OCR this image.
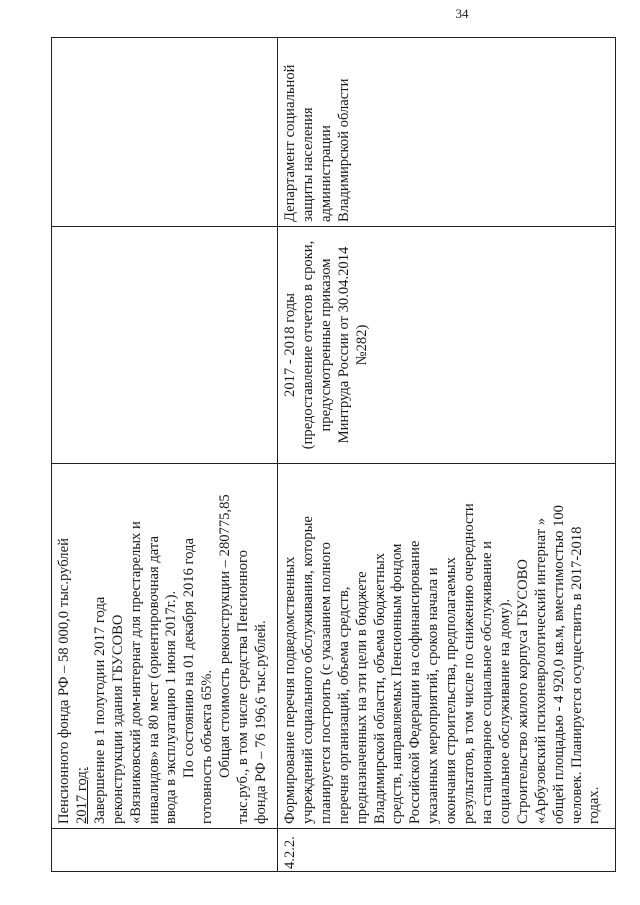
34

Пенсионного фонда РФ – 58 000,0 тыс.рублей 2017 год: Завершение в 1 полугодии 2017 года реконструкции здания ГБУСОВО «Вязниковский дом-интернат для престарелых и инвалидов» на 80 мест (ориентировочная дата ввода в эксплуатацию 1 июня 2017г.). По состоянию на 01 декабря 2016 года готовность объекта 65%. Общая стоимость реконструкции – 280775,85 тыс.руб., в том числе средства Пенсионного фонда РФ – 76 196,6 тыс.рублей.

4.2.2.

Формирование перечня подведомственных учреждений социального обслуживания, которые планируется построить (с указанием полного перечня организаций, объема средств, предназначенных на эти цели в бюджете Владимирской области, объема бюджетных средств, направляемых Пенсионным фондом Российской Федерации на софинансирование указанных мероприятий, сроков начала и окончания строительства, предполагаемых результатов, в том числе по снижению очередности на стационарное социальное обслуживание и социальное обслуживание на дому). Строительство жилого корпуса ГБУСОВО «Арбузовский психоневрологический интернат » общей площадью - 4 920,0 кв.м, вместимостью 100 человек. Планируется осуществить в 2017-2018 годах.

2017 - 2018 годы (предоставление отчетов в сроки, предусмотренные приказом Минтруда России от 30.04.2014 №282)

Департамент социальной защиты населения администрации Владимирской области
